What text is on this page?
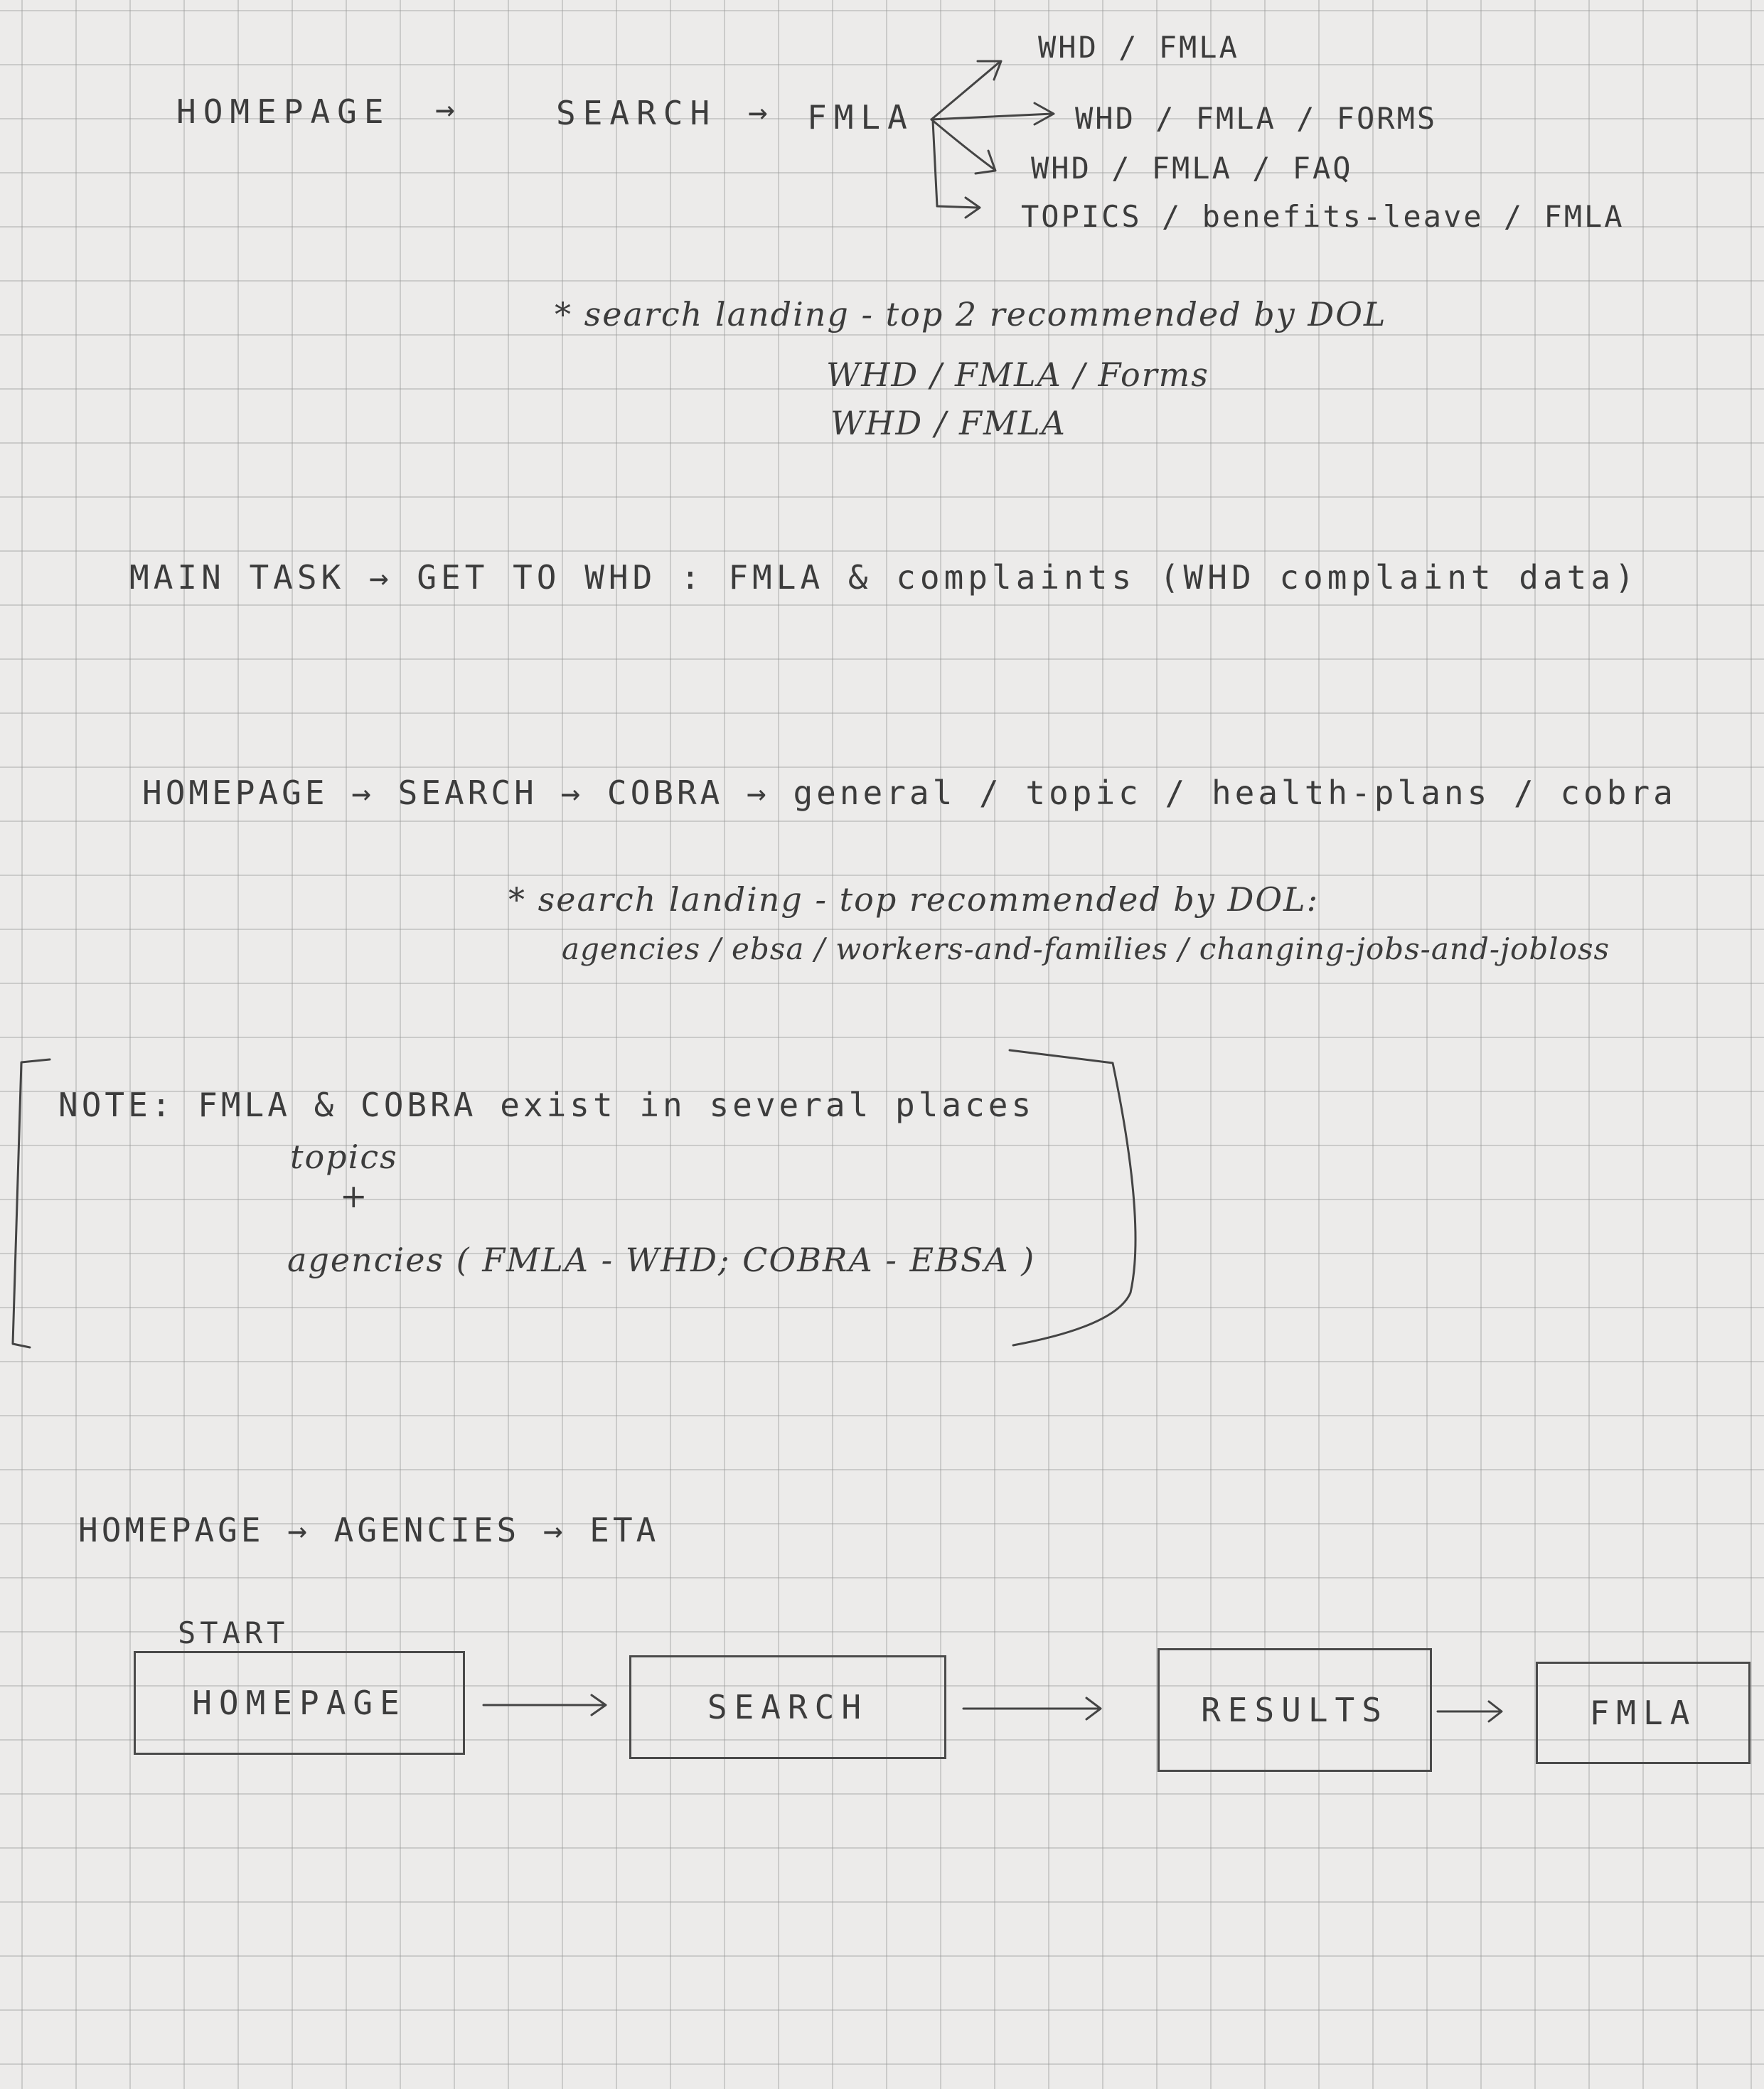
HOMEPAGE →	SEARCH → FMLA
WHD / FMLA
WHD / FMLA / FORMS
WHD / FMLA / FAQ
TOPICS / benefits-leave / FMLA
* search landing - top 2 recommended by DOL
WHD / FMLA / Forms
WHD / FMLA
MAIN TASK → GET TO WHD : FMLA & complaints (WHD complaint data)
HOMEPAGE → SEARCH → COBRA → general / topic / health-plans / cobra
* search landing - top recommended by DOL:
agencies / ebsa / workers-and-families / changing-jobs-and-jobloss
NOTE: FMLA & COBRA exist in several places
topics
+
agencies ( FMLA - WHD; COBRA - EBSA )
HOMEPAGE → AGENCIES → ETA
START
HOMEPAGE	SEARCH	RESULTS	FMLA
